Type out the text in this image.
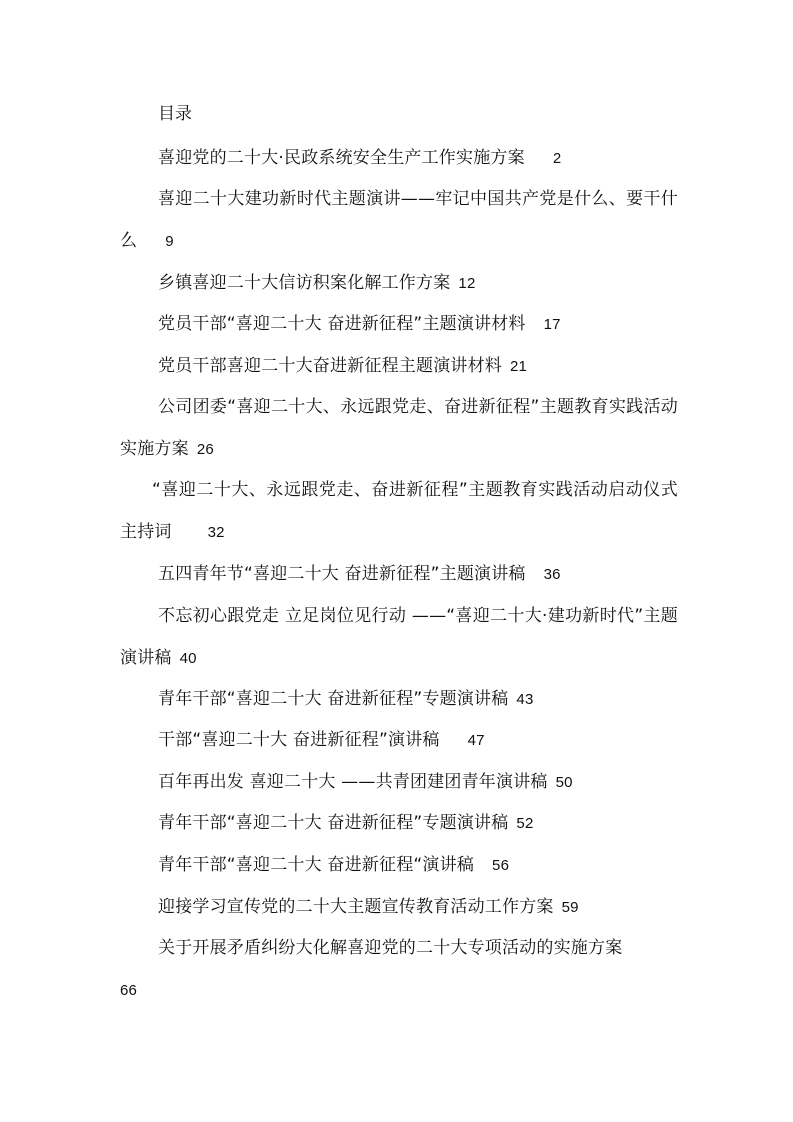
目录
喜迎党的二十大·民政系统安全生产工作实施方案 2
喜迎二十大建功新时代主题演讲——牢记中国共产党是什么、要干什么 9
乡镇喜迎二十大信访积案化解工作方案 12
党员干部“喜迎二十大 奋进新征程”主题演讲材料 17
党员干部喜迎二十大奋进新征程主题演讲材料 21
公司团委“喜迎二十大、永远跟党走、奋进新征程”主题教育实践活动实施方案 26
“喜迎二十大、永远跟党走、奋进新征程”主题教育实践活动启动仪式主持词 32
五四青年节“喜迎二十大 奋进新征程”主题演讲稿 36
不忘初心跟党走 立足岗位见行动 ——“喜迎二十大·建功新时代”主题演讲稿 40
青年干部“喜迎二十大 奋进新征程”专题演讲稿 43
干部“喜迎二十大 奋进新征程”演讲稿 47
百年再出发 喜迎二十大 ——共青团建团青年演讲稿 50
青年干部“喜迎二十大 奋进新征程”专题演讲稿 52
青年干部“喜迎二十大 奋进新征程“演讲稿 56
迎接学习宣传党的二十大主题宣传教育活动工作方案 59
关于开展矛盾纠纷大化解喜迎党的二十大专项活动的实施方案
66
